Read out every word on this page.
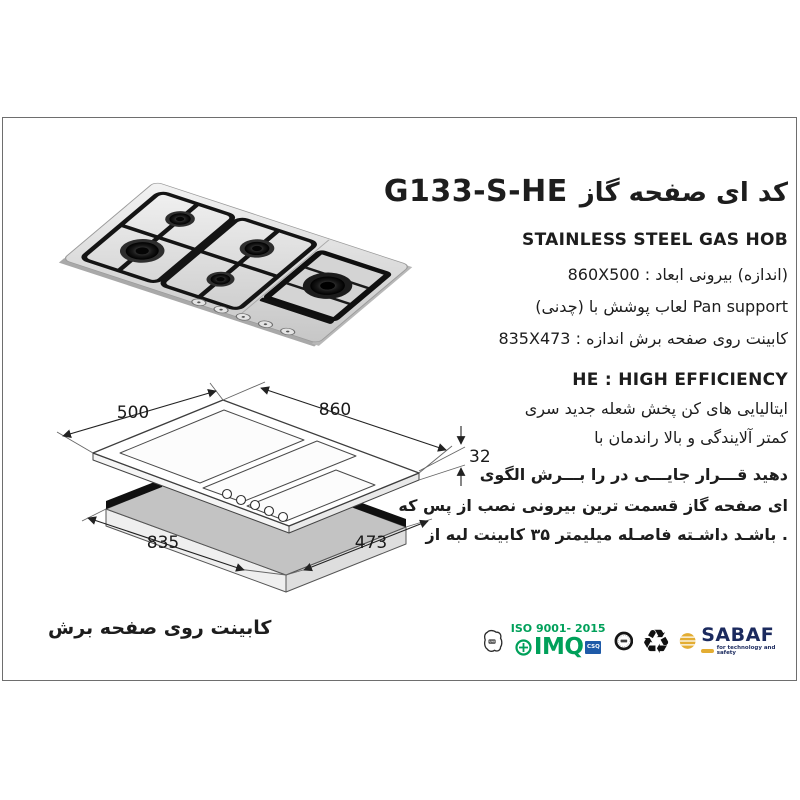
G133-S-HE گاز صفحه ای کد
STAINLESS STEEL GAS HOB
860X500 : ابعاد بیرونی (اندازه)
(چدنی) با پوشش لعاب Pan support
835X473 : اندازه برش صفحه روی کابینت
HE : HIGH EFFICIENCY
سری جدید شعله پخش کن های ایتالیایی
با راندمان بالا و آلایندگی کمتر
الگوی بـــرش را در جایـــی قـــرار دهید
که پس از نصب بیرونی ترین قسمت گاز صفحه ای
از لبه کابینت ۳۵ میلیمتر فاصـله داشـته باشـد .
500	860
835	473
32
برش صفحه روی کابینت
UNI
ISO 9001- 2015
IMQ CSQ ♻ SABAF
for technology and safety
